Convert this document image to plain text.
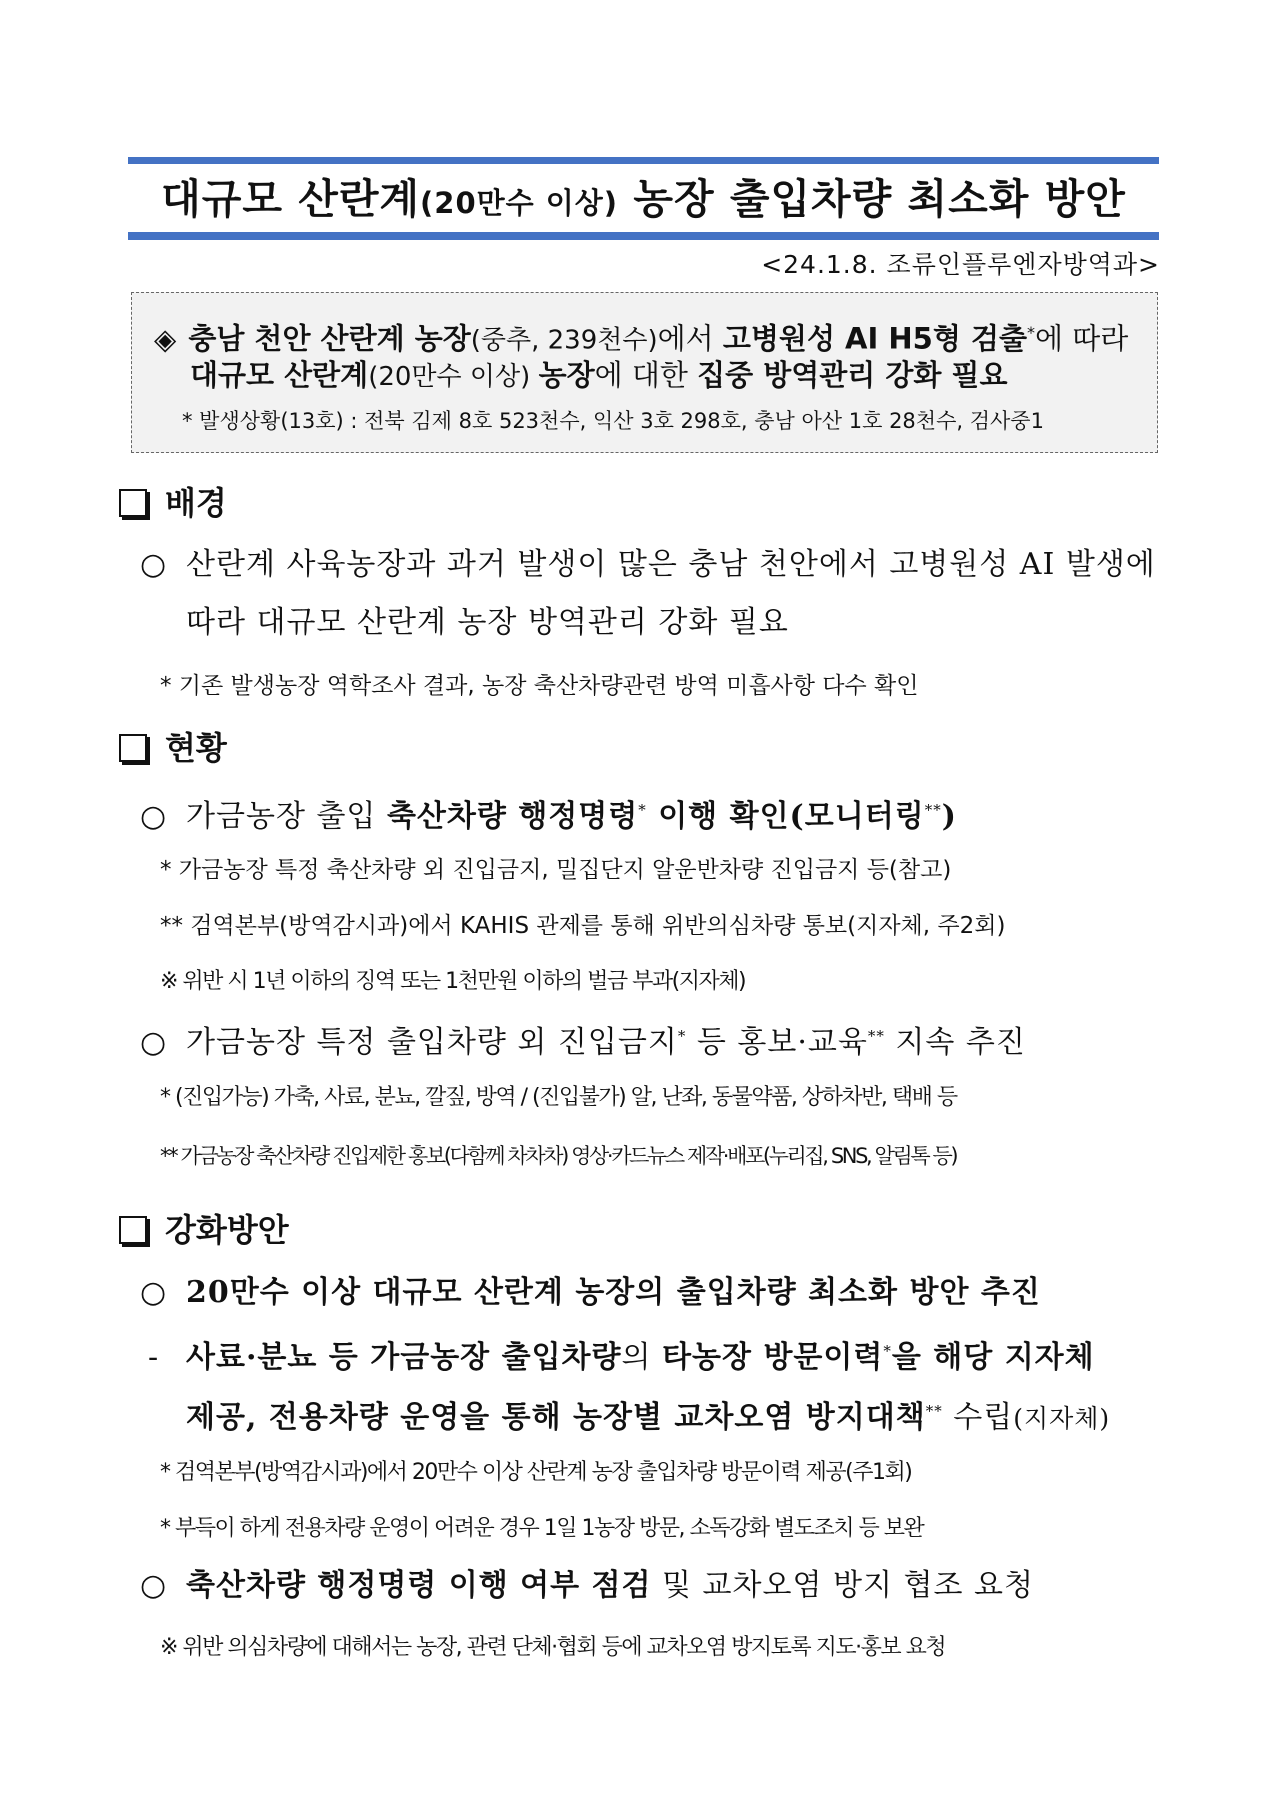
대규모 산란계(20만수 이상) 농장 출입차량 최소화 방안
<24.1.8. 조류인플루엔자방역과>
◈ 충남 천안 산란계 농장(중추, 239천수)에서 고병원성 AI H5형 검출*에 따라
대규모 산란계(20만수 이상) 농장에 대한 집중 방역관리 강화 필요
* 발생상황(13호) : 전북 김제 8호 523천수, 익산 3호 298호, 충남 아산 1호 28천수, 검사중1
배경
○ 산란계 사육농장과 과거 발생이 많은 충남 천안에서 고병원성 AI 발생에
따라 대규모 산란계 농장 방역관리 강화 필요
* 기존 발생농장 역학조사 결과, 농장 축산차량관련 방역 미흡사항 다수 확인
현황
○ 가금농장 출입 축산차량 행정명령* 이행 확인(모니터링**)
* 가금농장 특정 축산차량 외 진입금지, 밀집단지 알운반차량 진입금지 등(참고)
** 검역본부(방역감시과)에서 KAHIS 관제를 통해 위반의심차량 통보(지자체, 주2회)
※ 위반 시 1년 이하의 징역 또는 1천만원 이하의 벌금 부과(지자체)
○ 가금농장 특정 출입차량 외 진입금지* 등 홍보·교육** 지속 추진
* (진입가능) 가축, 사료, 분뇨, 깔짚, 방역 / (진입불가) 알, 난좌, 동물약품, 상하차반, 택배 등
** 가금농장 축산차량 진입제한 홍보(다함께 차차차) 영상·카드뉴스 제작·배포(누리집, SNS, 알림톡 등)
강화방안
○ 20만수 이상 대규모 산란계 농장의 출입차량 최소화 방안 추진
- 사료·분뇨 등 가금농장 출입차량의 타농장 방문이력*을 해당 지자체
제공, 전용차량 운영을 통해 농장별 교차오염 방지대책** 수립(지자체)
* 검역본부(방역감시과)에서 20만수 이상 산란계 농장 출입차량 방문이력 제공(주1회)
* 부득이 하게 전용차량 운영이 어려운 경우 1일 1농장 방문, 소독강화 별도조치 등 보완
○ 축산차량 행정명령 이행 여부 점검 및 교차오염 방지 협조 요청
※ 위반 의심차량에 대해서는 농장, 관련 단체·협회 등에 교차오염 방지토록 지도·홍보 요청
